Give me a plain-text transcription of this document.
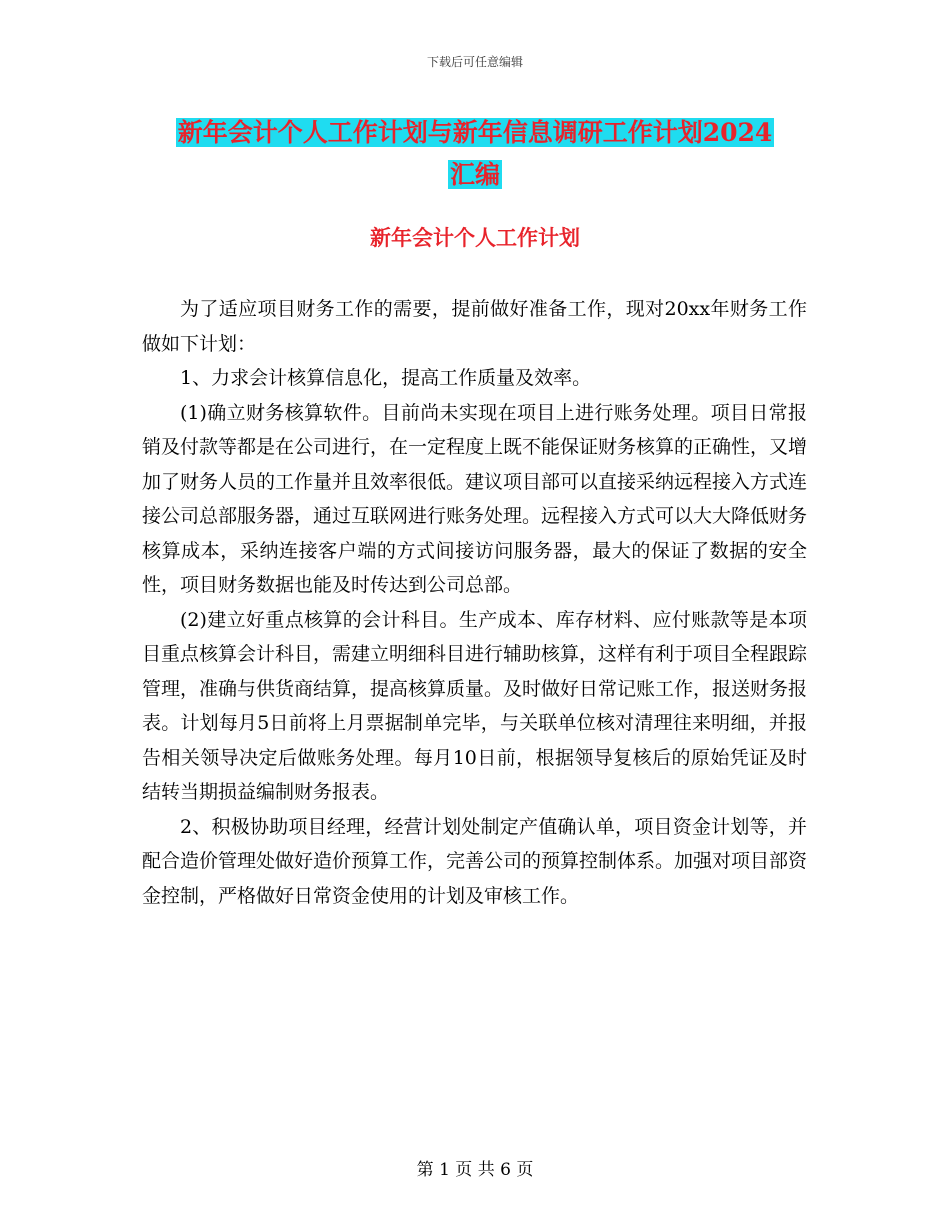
下载后可任意编辑
新年会计个人工作计划与新年信息调研工作计划2024
汇编
新年会计个人工作计划

为了适应项目财务工作的需要，提前做好准备工作，现对20xx年财务工作做如下计划：

1、力求会计核算信息化，提高工作质量及效率。

(1)确立财务核算软件。目前尚未实现在项目上进行账务处理。项目日常报销及付款等都是在公司进行，在一定程度上既不能保证财务核算的正确性，又增加了财务人员的工作量并且效率很低。建议项目部可以直接采纳远程接入方式连接公司总部服务器，通过互联网进行账务处理。远程接入方式可以大大降低财务核算成本，采纳连接客户端的方式间接访问服务器，最大的保证了数据的安全性，项目财务数据也能及时传达到公司总部。

(2)建立好重点核算的会计科目。生产成本、库存材料、应付账款等是本项目重点核算会计科目，需建立明细科目进行辅助核算，这样有利于项目全程跟踪管理，准确与供货商结算，提高核算质量。及时做好日常记账工作，报送财务报表。计划每月5日前将上月票据制单完毕，与关联单位核对清理往来明细，并报告相关领导决定后做账务处理。每月10日前，根据领导复核后的原始凭证及时结转当期损益编制财务报表。

2、积极协助项目经理，经营计划处制定产值确认单，项目资金计划等，并配合造价管理处做好造价预算工作，完善公司的预算控制体系。加强对项目部资金控制，严格做好日常资金使用的计划及审核工作。

第 1 页 共 6 页
